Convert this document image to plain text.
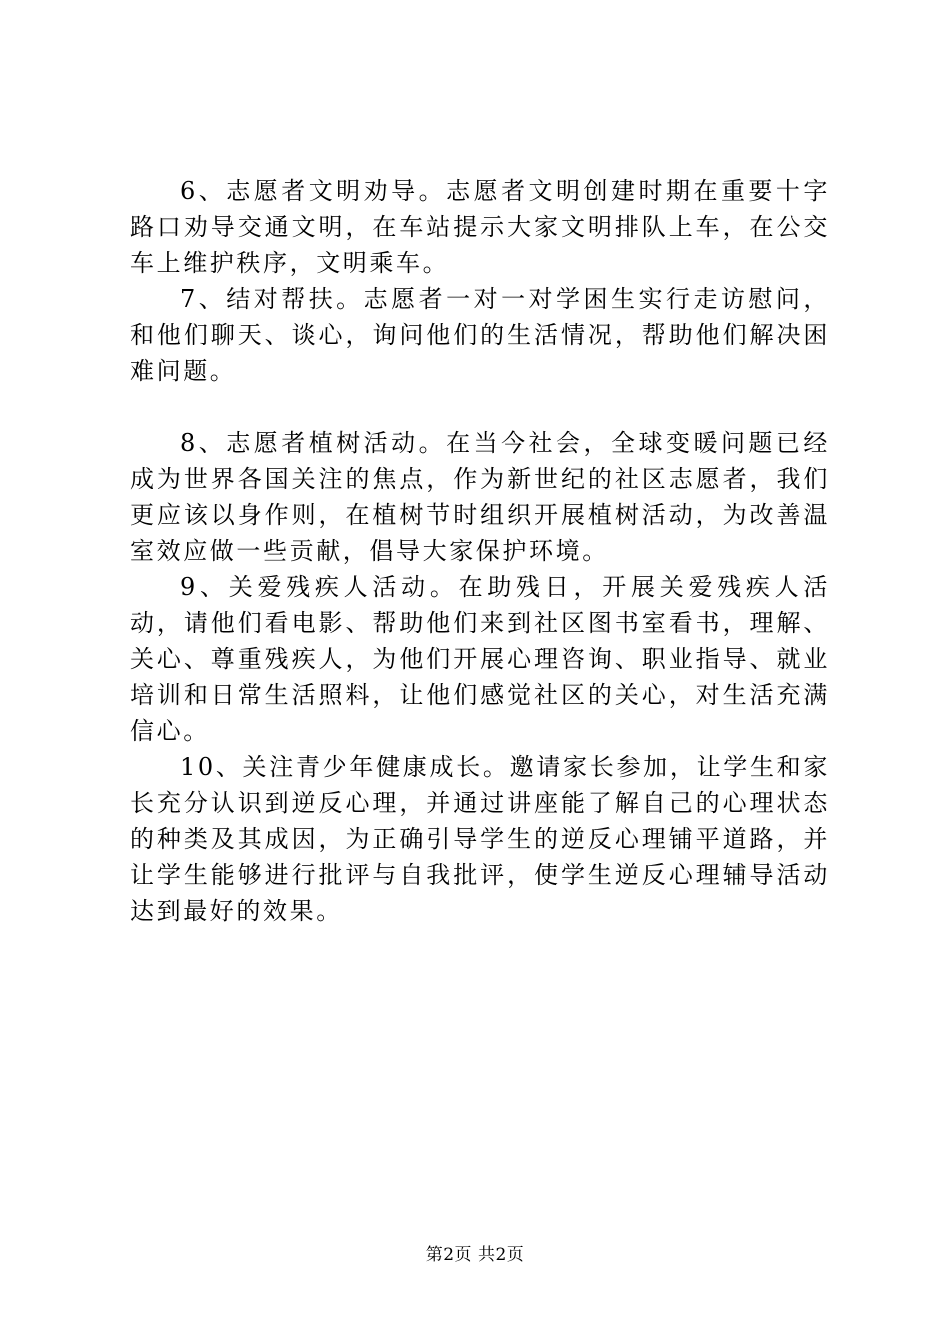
6、志愿者文明劝导。志愿者文明创建时期在重要十字路口劝导交通文明，在车站提示大家文明排队上车，在公交车上维护秩序，文明乘车。

7、结对帮扶。志愿者一对一对学困生实行走访慰问，和他们聊天、谈心，询问他们的生活情况，帮助他们解决困难问题。

8、志愿者植树活动。在当今社会，全球变暖问题已经成为世界各国关注的焦点，作为新世纪的社区志愿者，我们更应该以身作则，在植树节时组织开展植树活动，为改善温室效应做一些贡献，倡导大家保护环境。

9、关爱残疾人活动。在助残日，开展关爱残疾人活动，请他们看电影、帮助他们来到社区图书室看书，理解、关心、尊重残疾人，为他们开展心理咨询、职业指导、就业培训和日常生活照料，让他们感觉社区的关心，对生活充满信心。

10、关注青少年健康成长。邀请家长参加，让学生和家长充分认识到逆反心理，并通过讲座能了解自己的心理状态的种类及其成因，为正确引导学生的逆反心理铺平道路，并让学生能够进行批评与自我批评，使学生逆反心理辅导活动达到最好的效果。

第2页 共2页
